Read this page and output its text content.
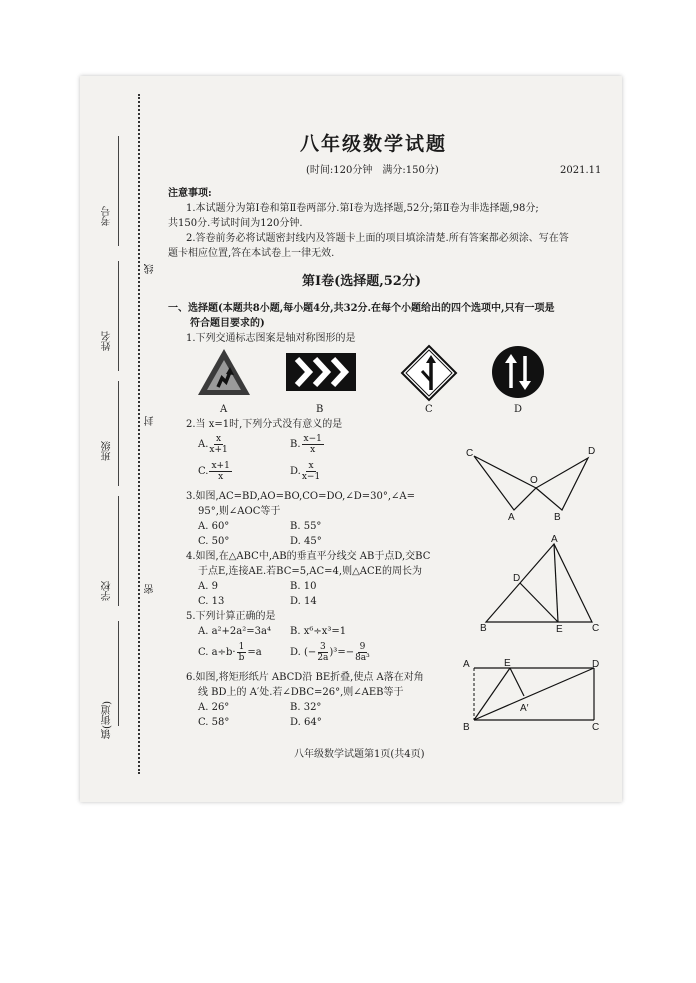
考号
姓名
班级
学校
镇(街道)
线
封
密
八年级数学试题
(时间:120分钟　满分:150分)	2021.11
注意事项:
1.本试题分为第Ⅰ卷和第Ⅱ卷两部分.第Ⅰ卷为选择题,52分;第Ⅱ卷为非选择题,98分;
共150分.考试时间为120分钟.
2.答卷前务必将试题密封线内及答题卡上面的项目填涂清楚.所有答案都必须涂、写在答
题卡相应位置,答在本试卷上一律无效.
第Ⅰ卷(选择题,52分)
一、选择题(本题共8小题,每小题4分,共32分.在每个小题给出的四个选项中,只有一项是
符合题目要求的)
1.下列交通标志图案是轴对称图形的是
A	B	C	D
2.当 x=1时,下列分式没有意义的是
A. $\frac{x}{x+1}$	B. $\frac{x-1}{x}$
C. $\frac{x+1}{x}$	D. $\frac{x}{x-1}$
3.如图,AC=BD,AO=BO,CO=DO,∠D=30°,∠A=
95°,则∠AOC等于
A. 60°	B. 55°
C. 50°	D. 45°
C	D
O
A	B
4.如图,在△ABC中,AB的垂直平分线交 AB于点D,交BC
于点E,连接AE.若BC=5,AC=4,则△ACE的周长为
A. 9	B. 10
C. 13	D. 14
A
D
B	E	C
5.下列计算正确的是
A. a²+2a²=3a⁴ B. x⁶÷x³=1
C. $a\div b\cdot \frac{1}{b} =a$	D. (− $\frac{3}{2a} )^3=- \frac{9}{\text{8a³}}$
6.如图,将矩形纸片 ABCD沿 BE折叠,使点 A落在对角
线 BD上的 A′处.若∠DBC=26°,则∠AEB等于
A. 26°	B. 32°
C. 58°	D. 64°
A	E	D
A′
B	C
八年级数学试题第1页(共4页)
